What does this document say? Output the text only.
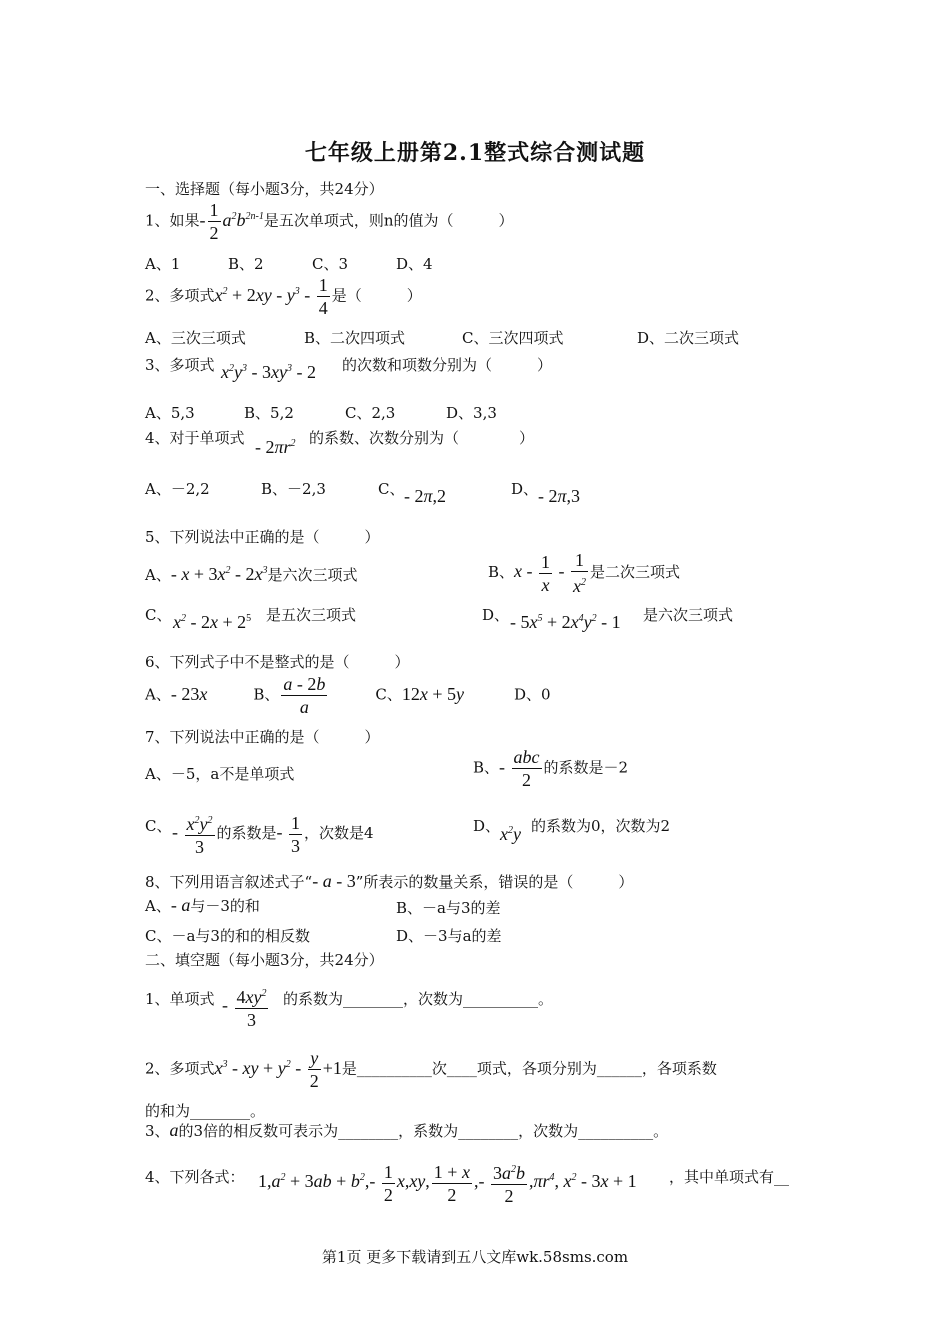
七年级上册第2.1整式综合测试题
一、选择题（每小题3分，共24分）
1、如果- $\frac{1}{2} a^2b^{2n-1}$是五次单项式，则n的值为（　　　）
A、1	B、2	C、3	D、4
2、多项式$x^2 + 2xy - y^3 - \frac{1}{4}$ 是（　　　）
A、三次三项式	B、二次四项式	C、三次四项式	D、二次三项式
3、多项式 $x^2y^3 - 3xy^3 - 2$ 的次数和项数分别为（　　　）
A、5,3	B、5,2	C、2,3	D、3,3
4、对于单项式 - $2\pi r^2$ 的系数、次数分别为（　　　　）
A、－2,2	B、－2,3	C、 - 2π,2	D、 - 2π,3
5、下列说法中正确的是（　　　）
A、- $x + 3x^2 - 2x^3$是六次三项式	B、x - $\frac{1}{x} - \frac{1}{x^2}$ 是二次三项式
C、 $x^2 - 2x + 2^5$ 是五次三项式	D、 - $5x^5 + 2x^4y^2 - 1$ 是六次三项式
6、下列式子中不是整式的是（　　　）
A、- 23x	B、 $\frac{a - 2b}{a}$	C、12x + 5y	D、0
7、下列说法中正确的是（　　　）
A、－5，a不是单项式	B、- $\frac{\text{abc}}{2}$ 的系数是－2
C、 - $\frac{x^2y^2}{3}$ 的系数是- $\frac{1}{3}$ ，次数是4	D、 $x^2y$ 的系数为0，次数为2
8、下列用语言叙述式子“- a - 3”所表示的数量关系，错误的是（　　　）
A、- a与－3的和	B、－a与3的差
C、－a与3的和的相反数	D、－3与a的差
二、填空题（每小题3分，共24分）
1、单项式 - $\frac{4xy^2}{3}$ 的系数为________，次数为__________。
2、多项式$x^3$ - xy + $y^2 - \frac{y}{2} +1$是__________次____项式，各项分别为______，各项系数
的和为________。
3、a的3倍的相反数可表示为________，系数为________，次数为__________。
4、下列各式： $1,a^2 + 3ab + b^2,- \frac{1}{2} x,xy$, $\frac{1 + x}{2}$ ,- $\frac{3a^2b}{2} ,\pi r^4$, $x^2 - 3x + 1$ ，其中单项式有__
第1页 更多下载请到五八文库wk.58sms.com
